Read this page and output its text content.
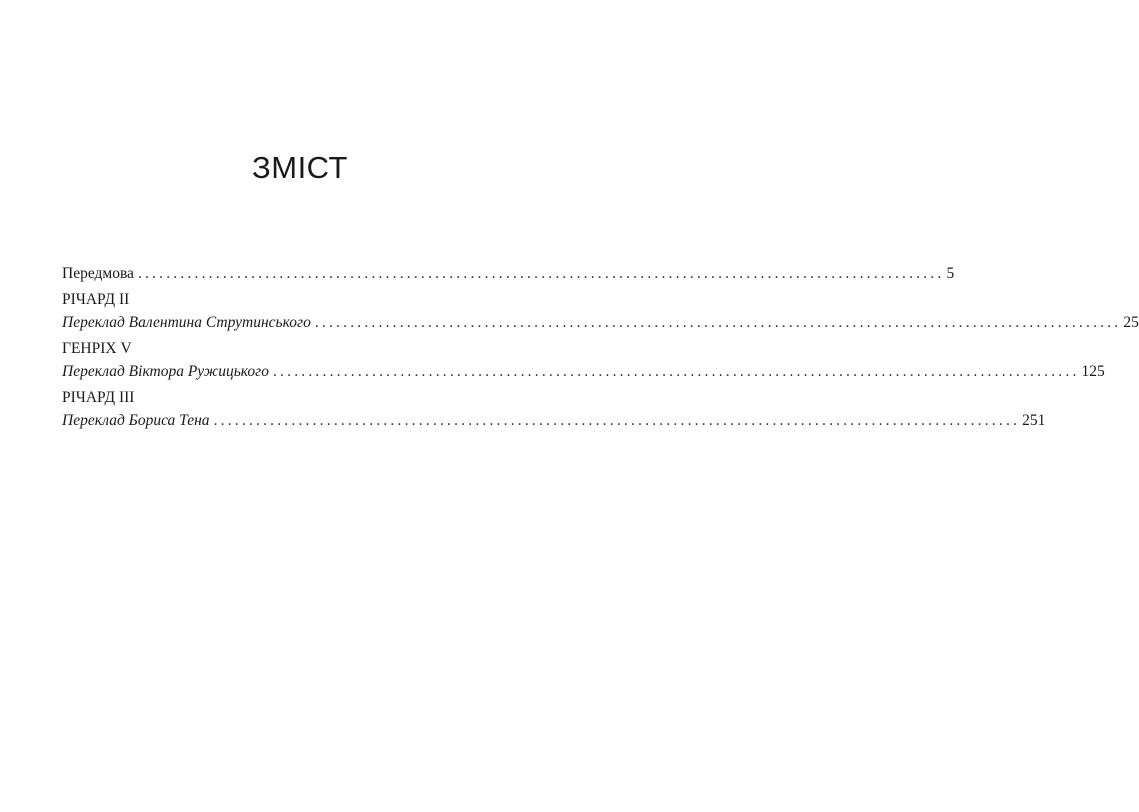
ЗМІСТ
Передмова .................................................................................................................. 5
РІЧАРД II
Переклад Валентина Струтинського .................................................................................................................. 25
ГЕНРІХ V
Переклад Віктора Ружицького .................................................................................................................. 125
РІЧАРД III
Переклад Бориса Тена .................................................................................................................. 251
